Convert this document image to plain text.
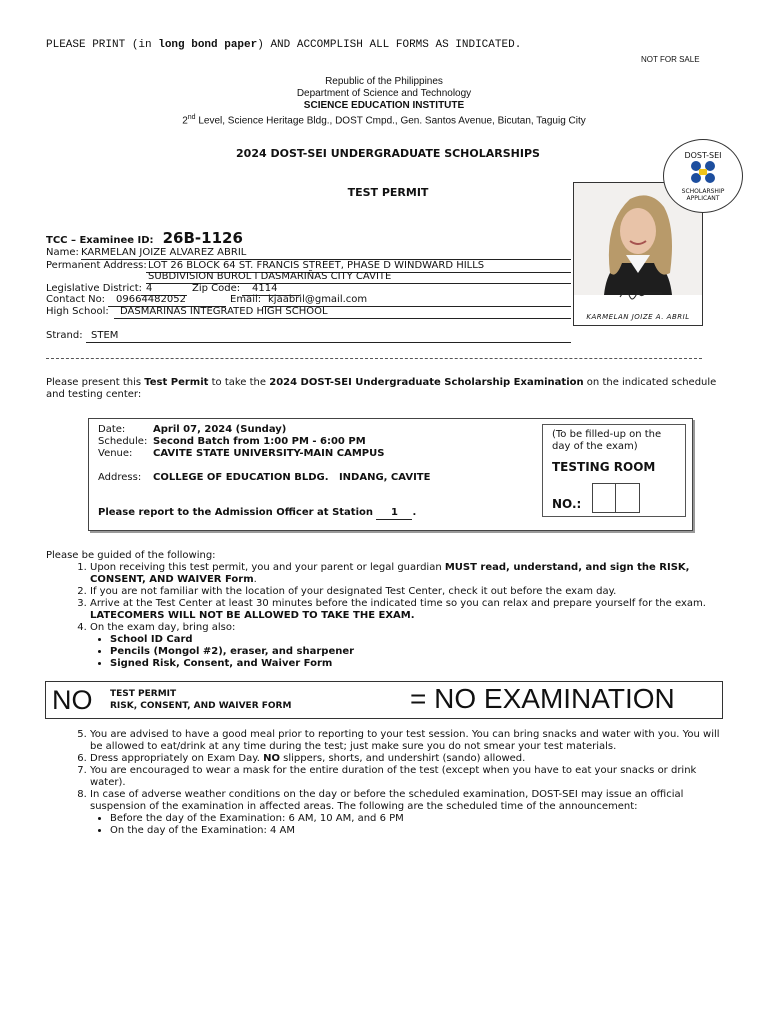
PLEASE PRINT (in long bond paper) AND ACCOMPLISH ALL FORMS AS INDICATED.
NOT FOR SALE
Republic of the Philippines
Department of Science and Technology
SCIENCE EDUCATION INSTITUTE
2nd Level, Science Heritage Bldg., DOST Cmpd., Gen. Santos Avenue, Bicutan, Taguig City
2024 DOST-SEI UNDERGRADUATE SCHOLARSHIPS
TEST PERMIT
KARMELAN JOIZE A. ABRIL
DOST-SEI
SCHOLARSHIP APPLICANT
TCC – Examinee ID: 26B-1126
Name: KARMELAN JOIZE ALVAREZ ABRIL
Permanent Address: LOT 26 BLOCK 64 ST. FRANCIS STREET, PHASE D WINDWARD HILLS
SUBDIVISION BUROL I DASMARIÑAS CITY CAVITE
Legislative District: 4	Zip Code:	4114
Contact No:	09664482052	Email: kjaabril@gmail.com
High School:	DASMARINAS INTEGRATED HIGH SCHOOL
Strand: STEM
Please present this Test Permit to take the 2024 DOST-SEI Undergraduate Scholarship Examination on the indicated schedule and testing center:
Date:	April 07, 2024 (Sunday)
Schedule: Second Batch from 1:00 PM - 6:00 PM
Venue: CAVITE STATE UNIVERSITY-MAIN CAMPUS
Address: COLLEGE OF EDUCATION BLDG.   INDANG, CAVITE
Please report to the Admission Officer at Station 1 .
(To be filled-up on the day of the exam)
TESTING ROOM
NO.:
Please be guided of the following:
1. Upon receiving this test permit, you and your parent or legal guardian MUST read, understand, and sign the RISK, CONSENT, AND WAIVER Form.
2. If you are not familiar with the location of your designated Test Center, check it out before the exam day.
3. Arrive at the Test Center at least 30 minutes before the indicated time so you can relax and prepare yourself for the exam.
LATECOMERS WILL NOT BE ALLOWED TO TAKE THE EXAM.
4. On the exam day, bring also:
• School ID Card
• Pencils (Mongol #2), eraser, and sharpener
• Signed Risk, Consent, and Waiver Form
NO TEST PERMIT
RISK, CONSENT, AND WAIVER FORM	= NO EXAMINATION
5. You are advised to have a good meal prior to reporting to your test session. You can bring snacks and water with you. You will be allowed to eat/drink at any time during the test; just make sure you do not smear your test materials.
6. Dress appropriately on Exam Day. NO slippers, shorts, and undershirt (sando) allowed.
7. You are encouraged to wear a mask for the entire duration of the test (except when you have to eat your snacks or drink water).
8. In case of adverse weather conditions on the day or before the scheduled examination, DOST-SEI may issue an official suspension of the examination in affected areas. The following are the scheduled time of the announcement:
• Before the day of the Examination: 6 AM, 10 AM, and 6 PM
• On the day of the Examination: 4 AM
